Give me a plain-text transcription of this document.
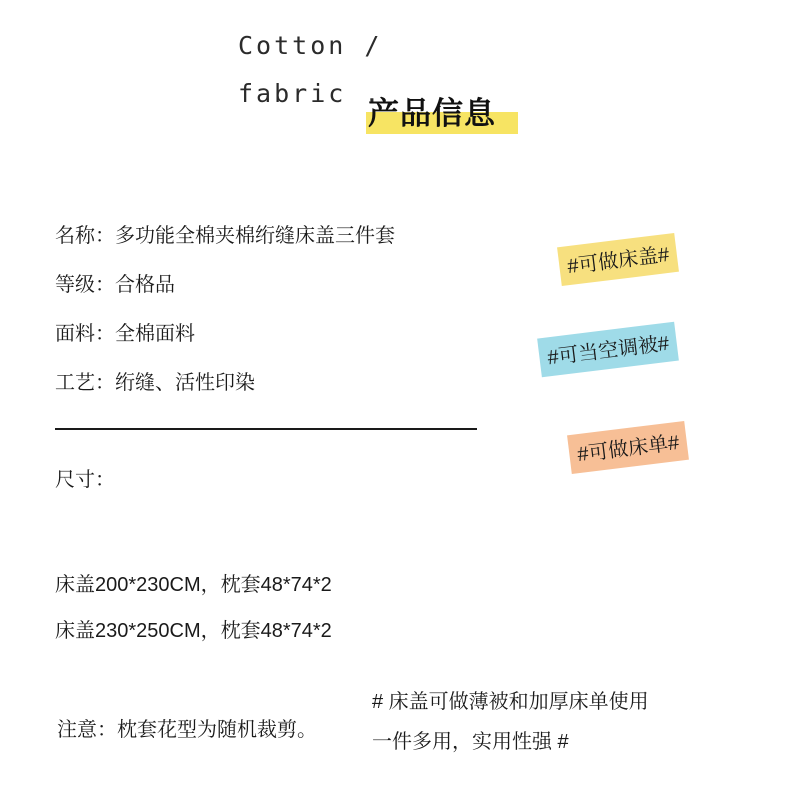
Cotton /
fabric .
产品信息
名称：多功能全棉夹棉绗缝床盖三件套
等级：合格品
面料：全棉面料
工艺：绗缝、活性印染
尺寸：
床盖200*230CM，枕套48*74*2
床盖230*250CM，枕套48*74*2
注意：枕套花型为随机裁剪。
#可做床盖#
#可当空调被#
#可做床单#
# 床盖可做薄被和加厚床单使用
一件多用，实用性强 #
